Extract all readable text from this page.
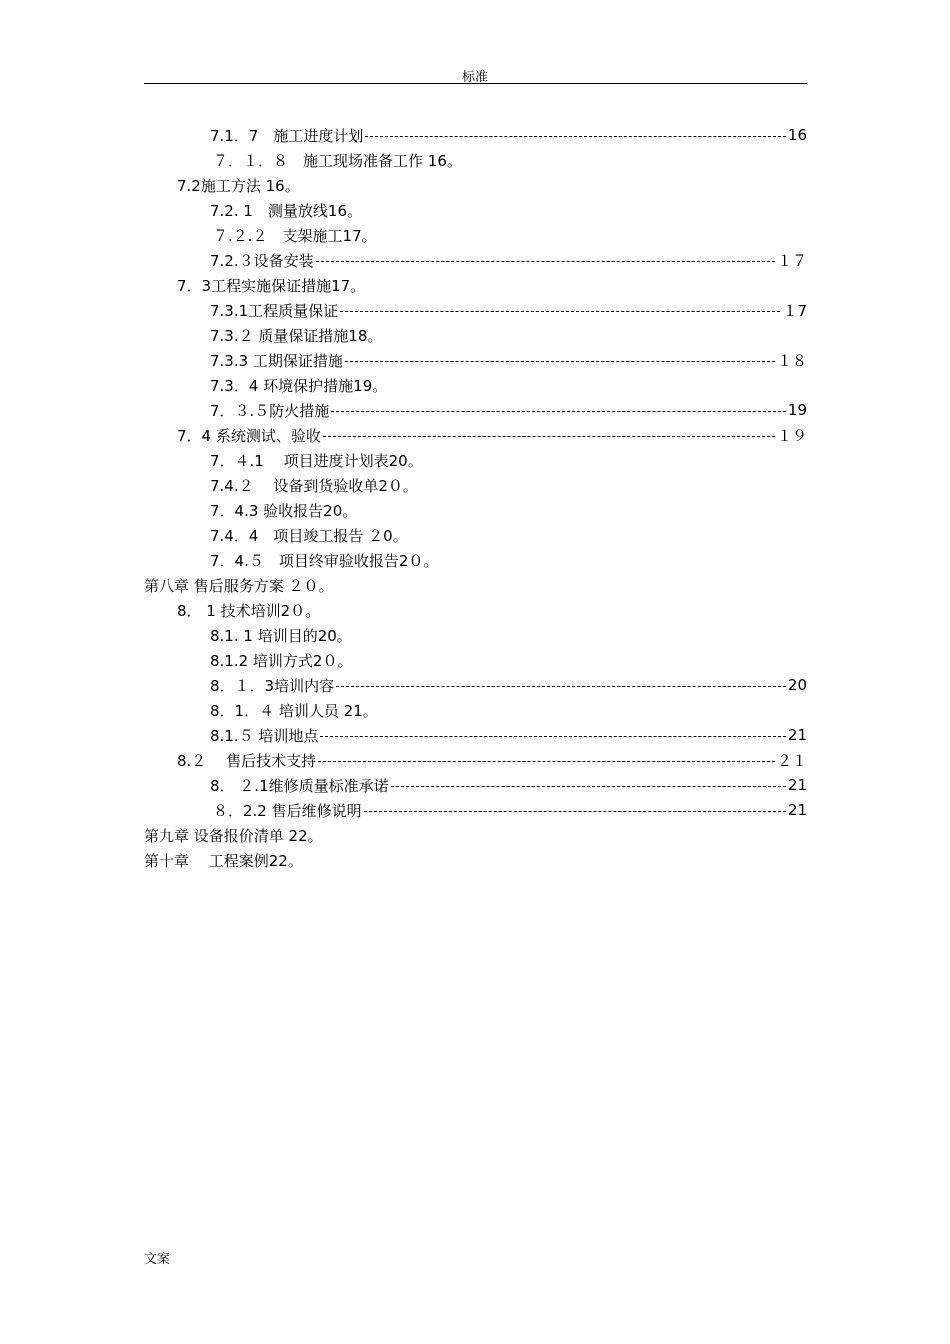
标准
7.1．7　施工进度计划	16
７．１．８　施工现场准备工作 16。
7.2施工方法 16。
7.2. 1　测量放线16。
７.２.２　支架施工17。
7.2.３设备安装	１７
7．3工程实施保证措施17。
7.3.1工程质量保证	１7
7.3.２ 质量保证措施18。
7.3.3 工期保证措施	１８
7.3．4 环境保护措施19。
7．３.５防火措施	19
7．4 系统测试、验收	１９
7．４.1　 项目进度计划表20。
7.4.２　 设备到货验收单2０。
7．4.3 验收报告20。
7.4．4　项目竣工报告 ２0。
7．4.５　项目终审验收报告2０。
第八章 售后服务方案 ２０。
8． 1 技术培训2０。
8.1. 1 培训目的20。
8.1.2 培训方式2０。
8．１．3培训内容	20
8．1．４ 培训人员 21。
8.1.５ 培训地点	21
8.２　 售后技术支持	２１
8． ２.1维修质量标准承诺	21
８．2.2 售后维修说明	21
第九章 设备报价清单 22。
第十章　 工程案例22。
文案
